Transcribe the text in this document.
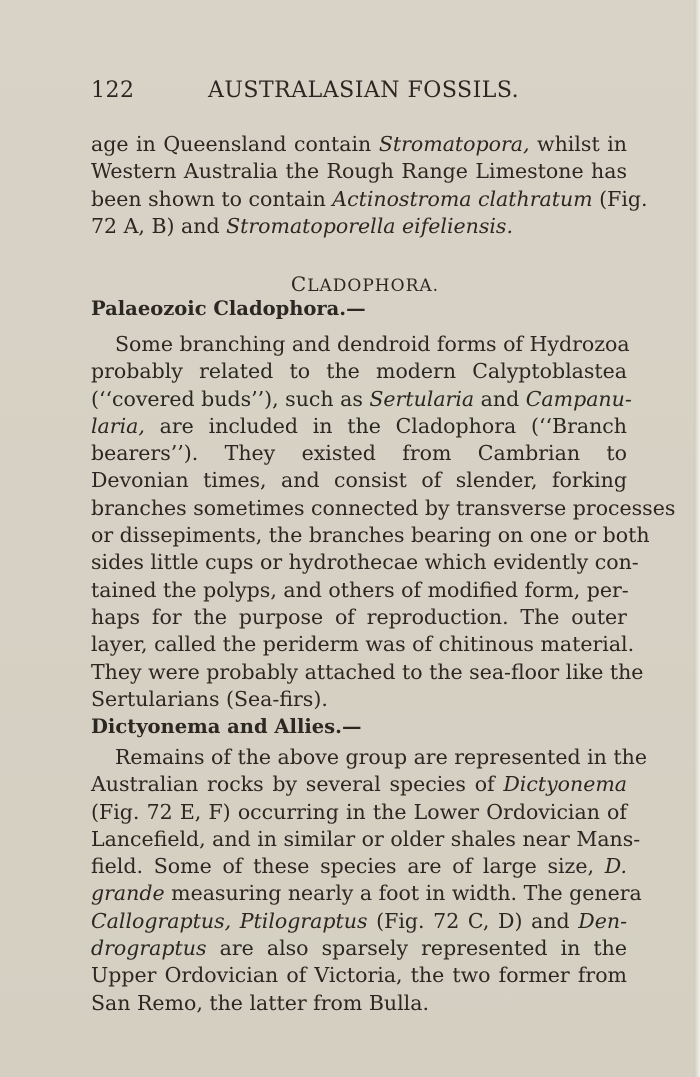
122	AUSTRALASIAN FOSSILS.
age in Queensland contain Stromatopora, whilst in
Western Australia the Rough Range Limestone has
been shown to contain Actinostroma clathratum (Fig.
72 A, B) and Stromatoporella eifeliensis.
CLADOPHORA.
Palaeozoic Cladophora.—
Some branching and dendroid forms of Hydrozoa
probably related to the modern Calyptoblastea
(‘‘covered buds’’), such as Sertularia and Campanu-
laria, are included in the Cladophora (‘‘Branch
bearers’’). They existed from Cambrian to
Devonian times, and consist of slender, forking
branches sometimes connected by transverse processes
or dissepiments, the branches bearing on one or both
sides little cups or hydrothecae which evidently con-
tained the polyps, and others of modified form, per-
haps for the purpose of reproduction. The outer
layer, called the periderm was of chitinous material.
They were probably attached to the sea-floor like the
Sertularians (Sea-firs).
Dictyonema and Allies.—
Remains of the above group are represented in the
Australian rocks by several species of Dictyonema
(Fig. 72 E, F) occurring in the Lower Ordovician of
Lancefield, and in similar or older shales near Mans-
field. Some of these species are of large size, D.
grande measuring nearly a foot in width. The genera
Callograptus, Ptilograptus (Fig. 72 C, D) and Den-
drograptus are also sparsely represented in the
Upper Ordovician of Victoria, the two former from
San Remo, the latter from Bulla.
